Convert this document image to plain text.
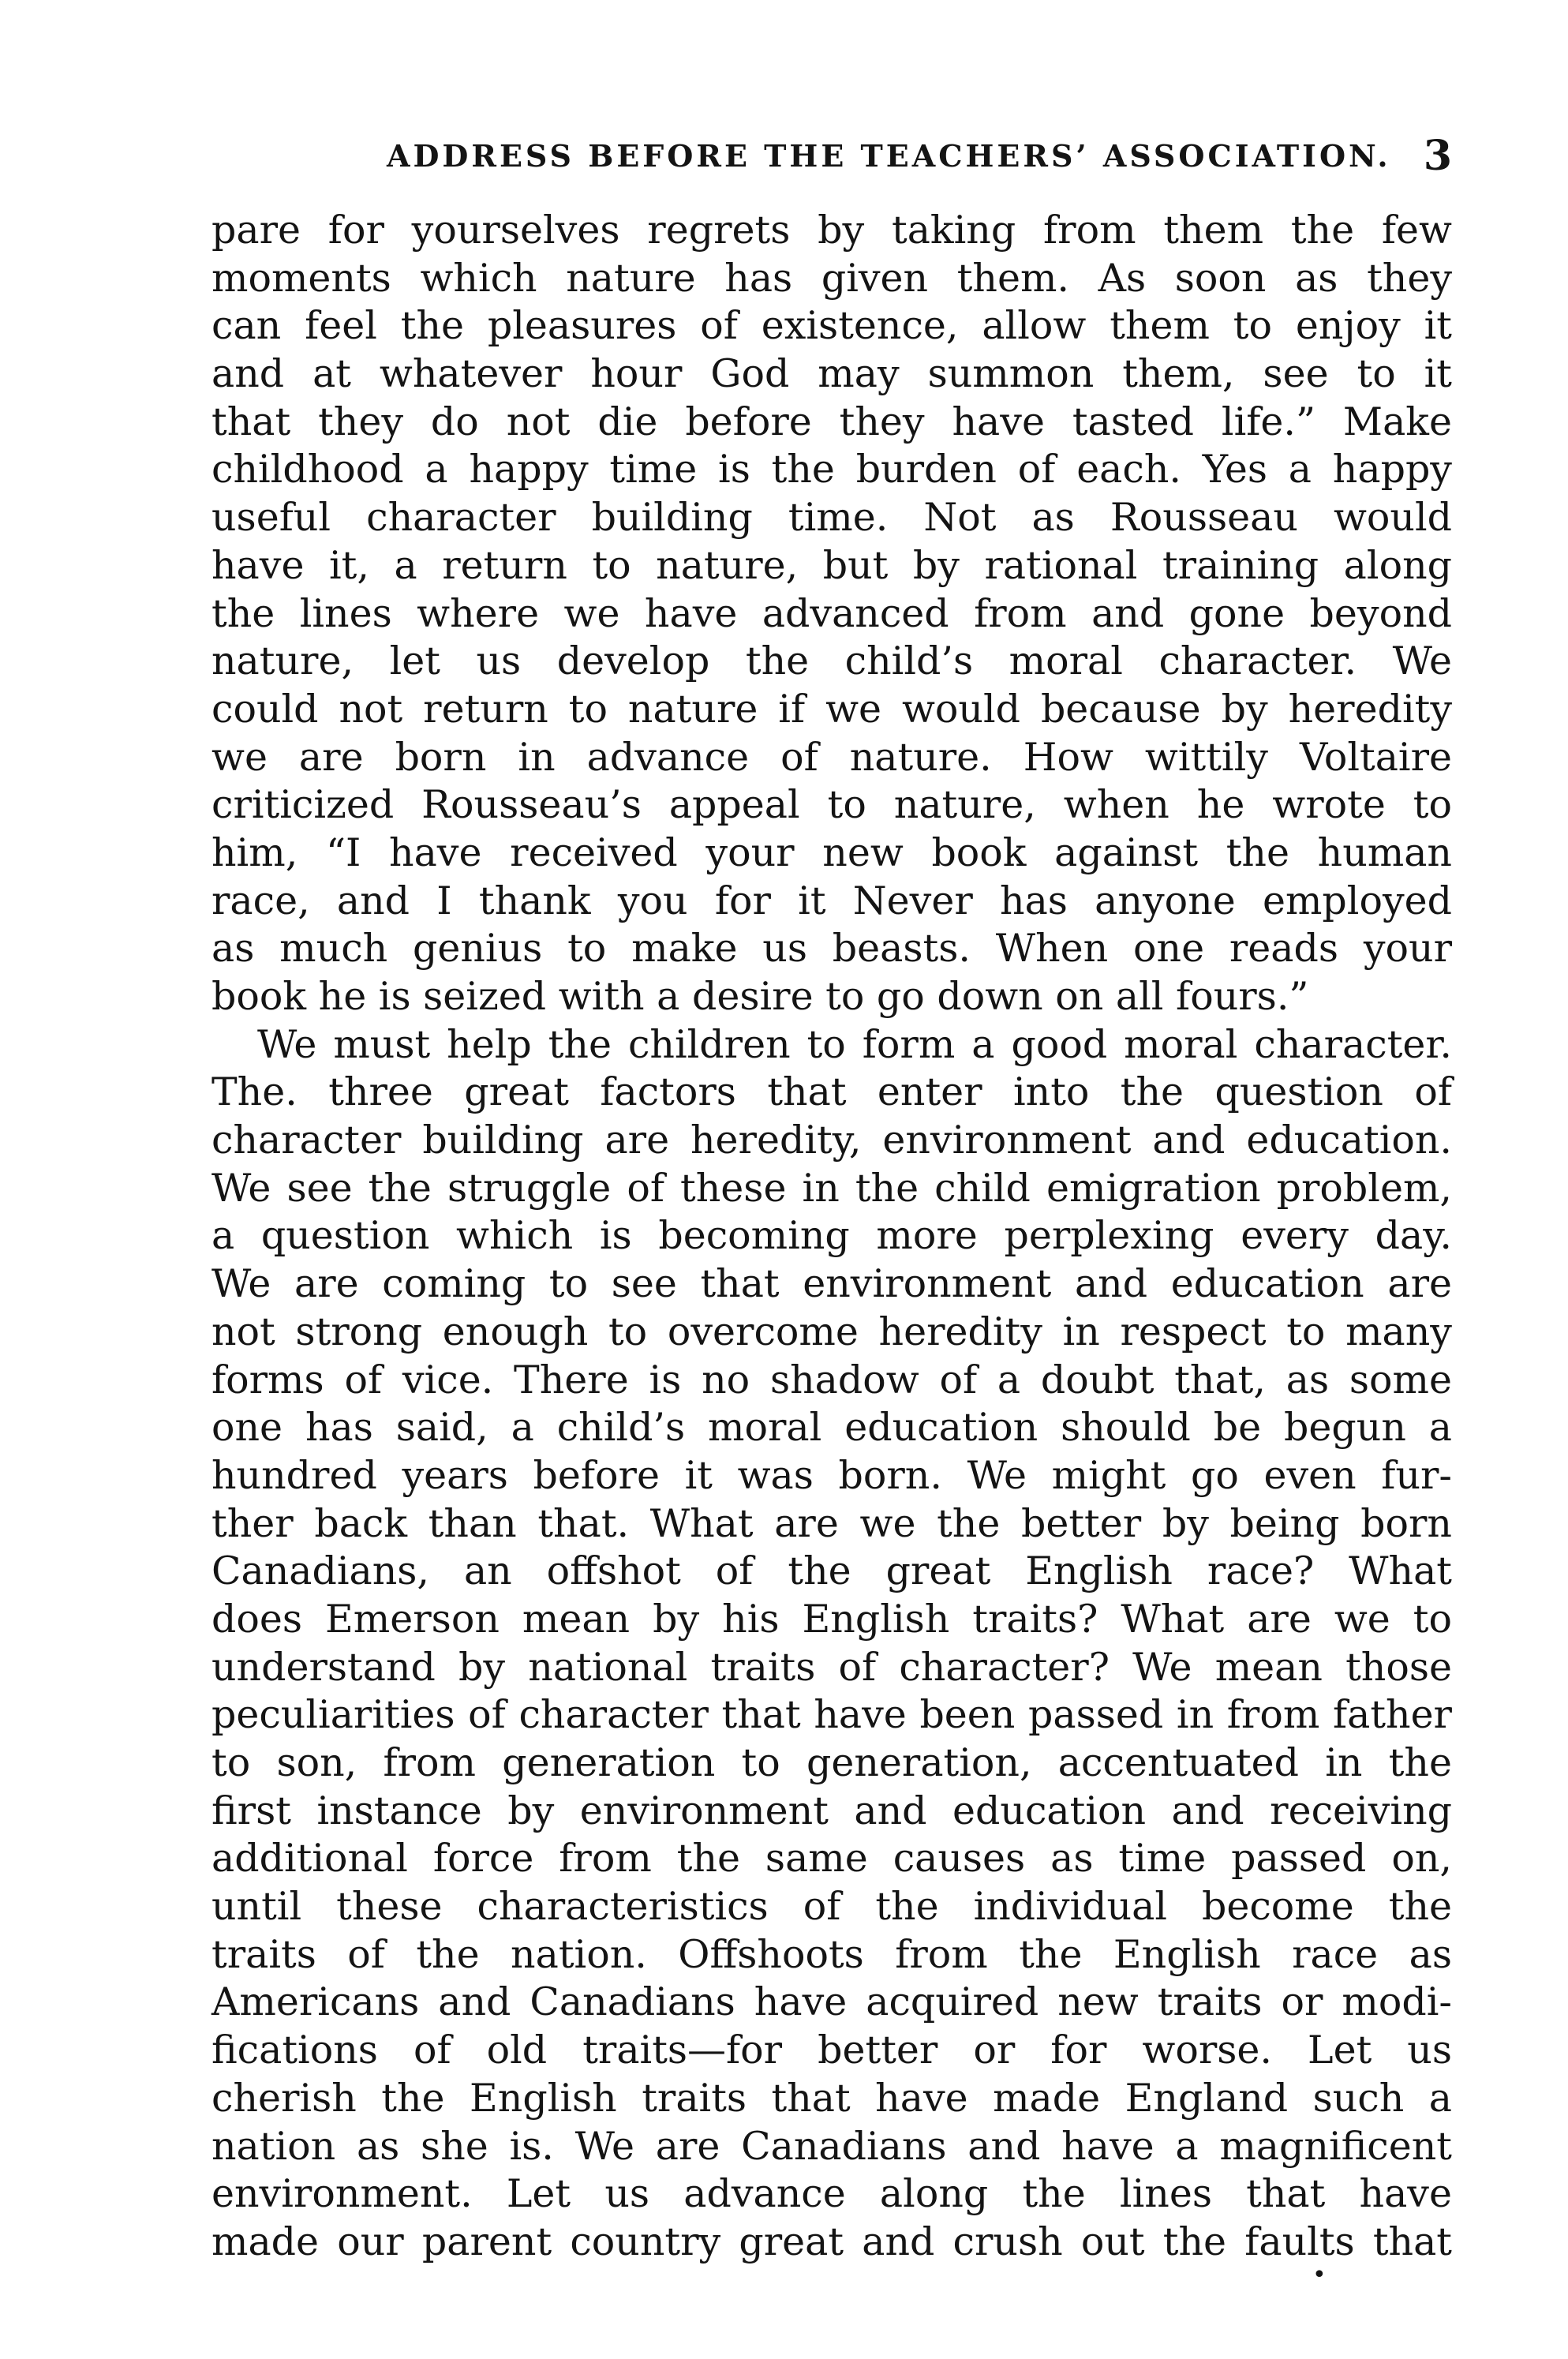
ADDRESS BEFORE THE TEACHERS’ ASSOCIATION. 3
pare for yourselves regrets by taking from them the few
moments which nature has given them. As soon as they
can feel the pleasures of existence, allow them to enjoy it
and at whatever hour God may summon them, see to it
that they do not die before they have tasted life.” Make
childhood a happy time is the burden of each. Yes a happy
useful character building time. Not as Rousseau would
have it, a return to nature, but by rational training along
the lines where we have advanced from and gone beyond
nature, let us develop the child’s moral character. We
could not return to nature if we would because by heredity
we are born in advance of nature. How wittily Voltaire
criticized Rousseau’s appeal to nature, when he wrote to
him, “I have received your new book against the human
race, and I thank you for it Never has anyone employed
as much genius to make us beasts. When one reads your
book he is seized with a desire to go down on all fours.”
We must help the children to form a good moral character.
The. three great factors that enter into the question of
character building are heredity, environment and education.
We see the struggle of these in the child emigration problem,
a question which is becoming more perplexing every day.
We are coming to see that environment and education are
not strong enough to overcome heredity in respect to many
forms of vice. There is no shadow of a doubt that, as some
one has said, a child’s moral education should be begun a
hundred years before it was born. We might go even fur-
ther back than that. What are we the better by being born
Canadians, an offshot of the great English race? What
does Emerson mean by his English traits? What are we to
understand by national traits of character? We mean those
peculiarities of character that have been passed in from father
to son, from generation to generation, accentuated in the
first instance by environment and education and receiving
additional force from the same causes as time passed on,
until these characteristics of the individual become the
traits of the nation. Offshoots from the English race as
Americans and Canadians have acquired new traits or modi-
fications of old traits—for better or for worse. Let us
cherish the English traits that have made England such a
nation as she is. We are Canadians and have a magnificent
environment. Let us advance along the lines that have
made our parent country great and crush out the faults that
•
